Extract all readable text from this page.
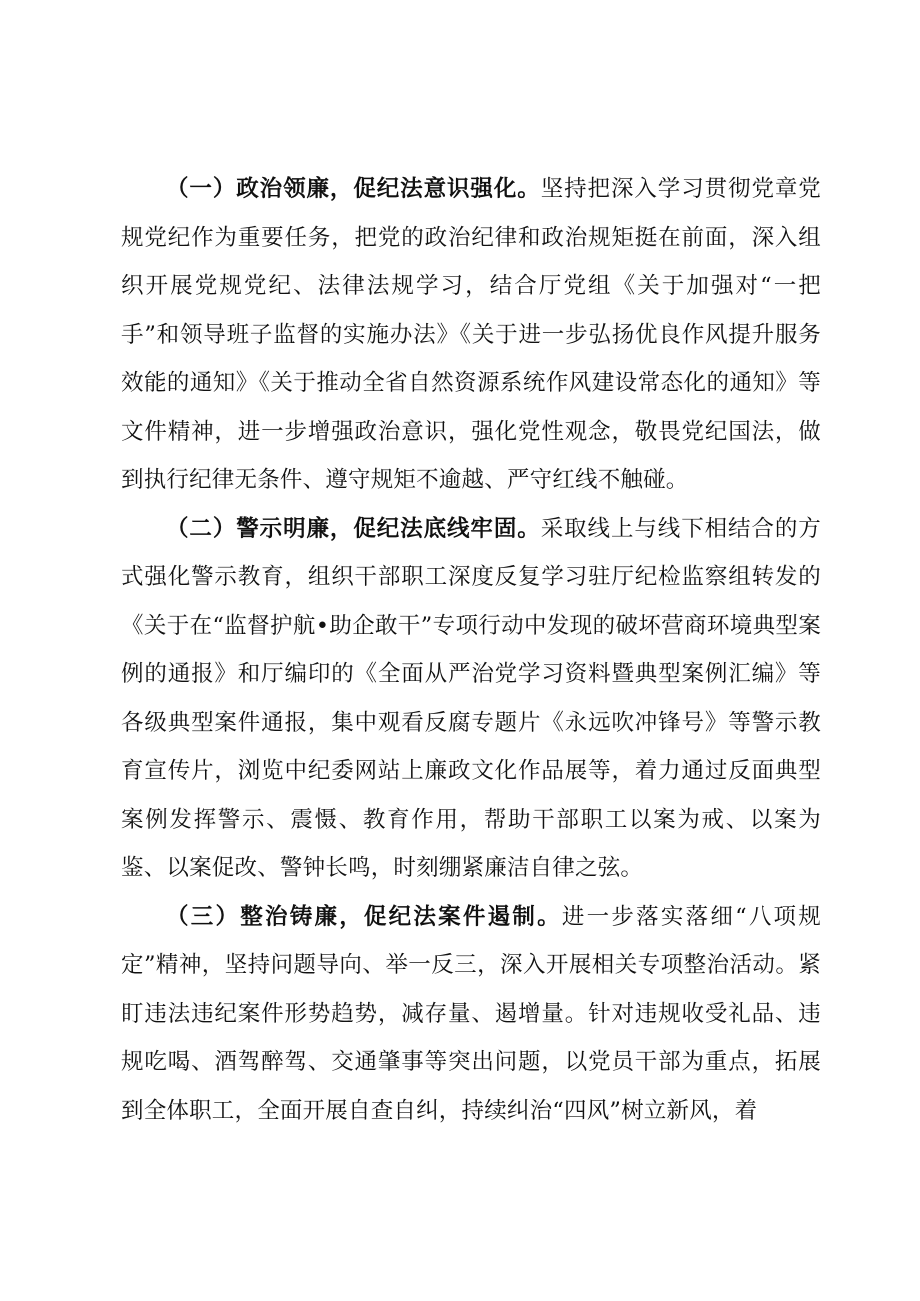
（一）政治领廉，促纪法意识强化。坚持把深入学习贯彻党章党规党纪作为重要任务，把党的政治纪律和政治规矩挺在前面，深入组织开展党规党纪、法律法规学习，结合厅党组《关于加强对“一把手”和领导班子监督的实施办法》《关于进一步弘扬优良作风提升服务效能的通知》《关于推动全省自然资源系统作风建设常态化的通知》等文件精神，进一步增强政治意识，强化党性观念，敬畏党纪国法，做到执行纪律无条件、遵守规矩不逾越、严守红线不触碰。

（二）警示明廉，促纪法底线牢固。采取线上与线下相结合的方式强化警示教育，组织干部职工深度反复学习驻厅纪检监察组转发的《关于在“监督护航•助企敢干”专项行动中发现的破坏营商环境典型案例的通报》和厅编印的《全面从严治党学习资料暨典型案例汇编》等各级典型案件通报，集中观看反腐专题片《永远吹冲锋号》等警示教育宣传片，浏览中纪委网站上廉政文化作品展等，着力通过反面典型案例发挥警示、震慑、教育作用，帮助干部职工以案为戒、以案为鉴、以案促改、警钟长鸣，时刻绷紧廉洁自律之弦。

（三）整治铸廉，促纪法案件遏制。进一步落实落细“八项规定”精神，坚持问题导向、举一反三，深入开展相关专项整治活动。紧盯违法违纪案件形势趋势，减存量、遏增量。针对违规收受礼品、违规吃喝、酒驾醉驾、交通肇事等突出问题，以党员干部为重点，拓展到全体职工，全面开展自查自纠，持续纠治“四风”树立新风，着
